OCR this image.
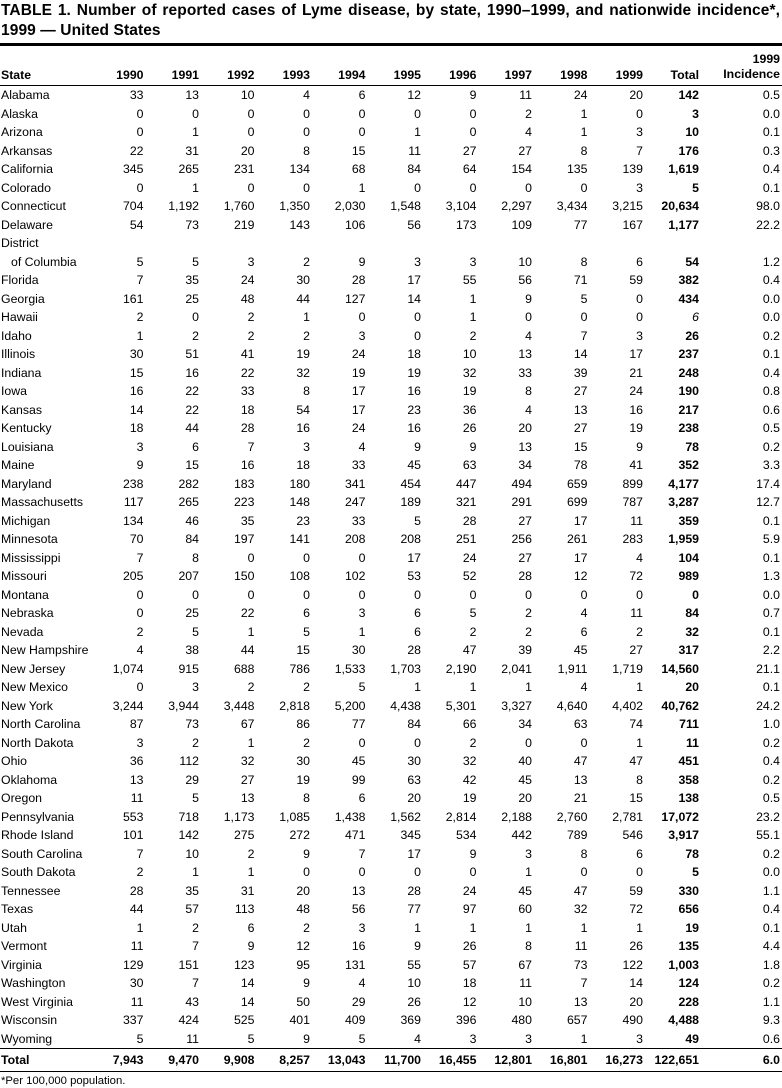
TABLE 1. Number of reported cases of Lyme disease, by state, 1990–1999, and nationwide incidence*, 1999 — United States
State	1990	1991	1992	1993	1994	1995	1996	1997	1998	1999	Total	1999
Incidence

Alabama	33	13	10	4	6	12	9	11	24	20	142	0.5
Alaska	0	0	0	0	0	0	0	2	1	0	3	0.0
Arizona	0	1	0	0	0	1	0	4	1	3	10	0.1
Arkansas	22	31	20	8	15	11	27	27	8	7	176	0.3
California	345	265	231	134	68	84	64	154	135	139	1,619	0.4
Colorado	0	1	0	0	1	0	0	0	0	3	5	0.1
Connecticut	704	1,192	1,760	1,350	2,030	1,548	3,104	2,297	3,434	3,215	20,634	98.0
Delaware	54	73	219	143	106	56	173	109	77	167	1,177	22.2

District
of Columbia	5	5	3	2	9	3	3	10	8	6	54	1.2
Florida	7	35	24	30	28	17	55	56	71	59	382	0.4
Georgia	161	25	48	44	127	14	1	9	5	0	434	0.0
Hawaii	2	0	2	1	0	0	1	0	0	0	6	0.0
Idaho	1	2	2	2	3	0	2	4	7	3	26	0.2
Illinois	30	51	41	19	24	18	10	13	14	17	237	0.1
Indiana	15	16	22	32	19	19	32	33	39	21	248	0.4
Iowa	16	22	33	8	17	16	19	8	27	24	190	0.8
Kansas	14	22	18	54	17	23	36	4	13	16	217	0.6
Kentucky	18	44	28	16	24	16	26	20	27	19	238	0.5
Louisiana	3	6	7	3	4	9	9	13	15	9	78	0.2
Maine	9	15	16	18	33	45	63	34	78	41	352	3.3
Maryland	238	282	183	180	341	454	447	494	659	899	4,177	17.4
Massachusetts	117	265	223	148	247	189	321	291	699	787	3,287	12.7
Michigan	134	46	35	23	33	5	28	27	17	11	359	0.1
Minnesota	70	84	197	141	208	208	251	256	261	283	1,959	5.9
Mississippi	7	8	0	0	0	17	24	27	17	4	104	0.1
Missouri	205	207	150	108	102	53	52	28	12	72	989	1.3
Montana	0	0	0	0	0	0	0	0	0	0	0	0.0
Nebraska	0	25	22	6	3	6	5	2	4	11	84	0.7
Nevada	2	5	1	5	1	6	2	2	6	2	32	0.1
New Hampshire	4	38	44	15	30	28	47	39	45	27	317	2.2
New Jersey	1,074	915	688	786	1,533	1,703	2,190	2,041	1,911	1,719	14,560	21.1
New Mexico	0	3	2	2	5	1	1	1	4	1	20	0.1
New York	3,244	3,944	3,448	2,818	5,200	4,438	5,301	3,327	4,640	4,402	40,762	24.2
North Carolina	87	73	67	86	77	84	66	34	63	74	711	1.0
North Dakota	3	2	1	2	0	0	2	0	0	1	11	0.2
Ohio	36	112	32	30	45	30	32	40	47	47	451	0.4
Oklahoma	13	29	27	19	99	63	42	45	13	8	358	0.2
Oregon	11	5	13	8	6	20	19	20	21	15	138	0.5
Pennsylvania	553	718	1,173	1,085	1,438	1,562	2,814	2,188	2,760	2,781	17,072	23.2
Rhode Island	101	142	275	272	471	345	534	442	789	546	3,917	55.1
South Carolina	7	10	2	9	7	17	9	3	8	6	78	0.2
South Dakota	2	1	1	0	0	0	0	1	0	0	5	0.0
Tennessee	28	35	31	20	13	28	24	45	47	59	330	1.1
Texas	44	57	113	48	56	77	97	60	32	72	656	0.4
Utah	1	2	6	2	3	1	1	1	1	1	19	0.1
Vermont	11	7	9	12	16	9	26	8	11	26	135	4.4
Virginia	129	151	123	95	131	55	57	67	73	122	1,003	1.8
Washington	30	7	14	9	4	10	18	11	7	14	124	0.2
West Virginia	11	43	14	50	29	26	12	10	13	20	228	1.1
Wisconsin	337	424	525	401	409	369	396	480	657	490	4,488	9.3
Wyoming	5	11	5	9	5	4	3	3	1	3	49	0.6
Total	7,943	9,470	9,908	8,257	13,043	11,700	16,455	12,801	16,801	16,273	122,651	6.0
*Per 100,000 population.
